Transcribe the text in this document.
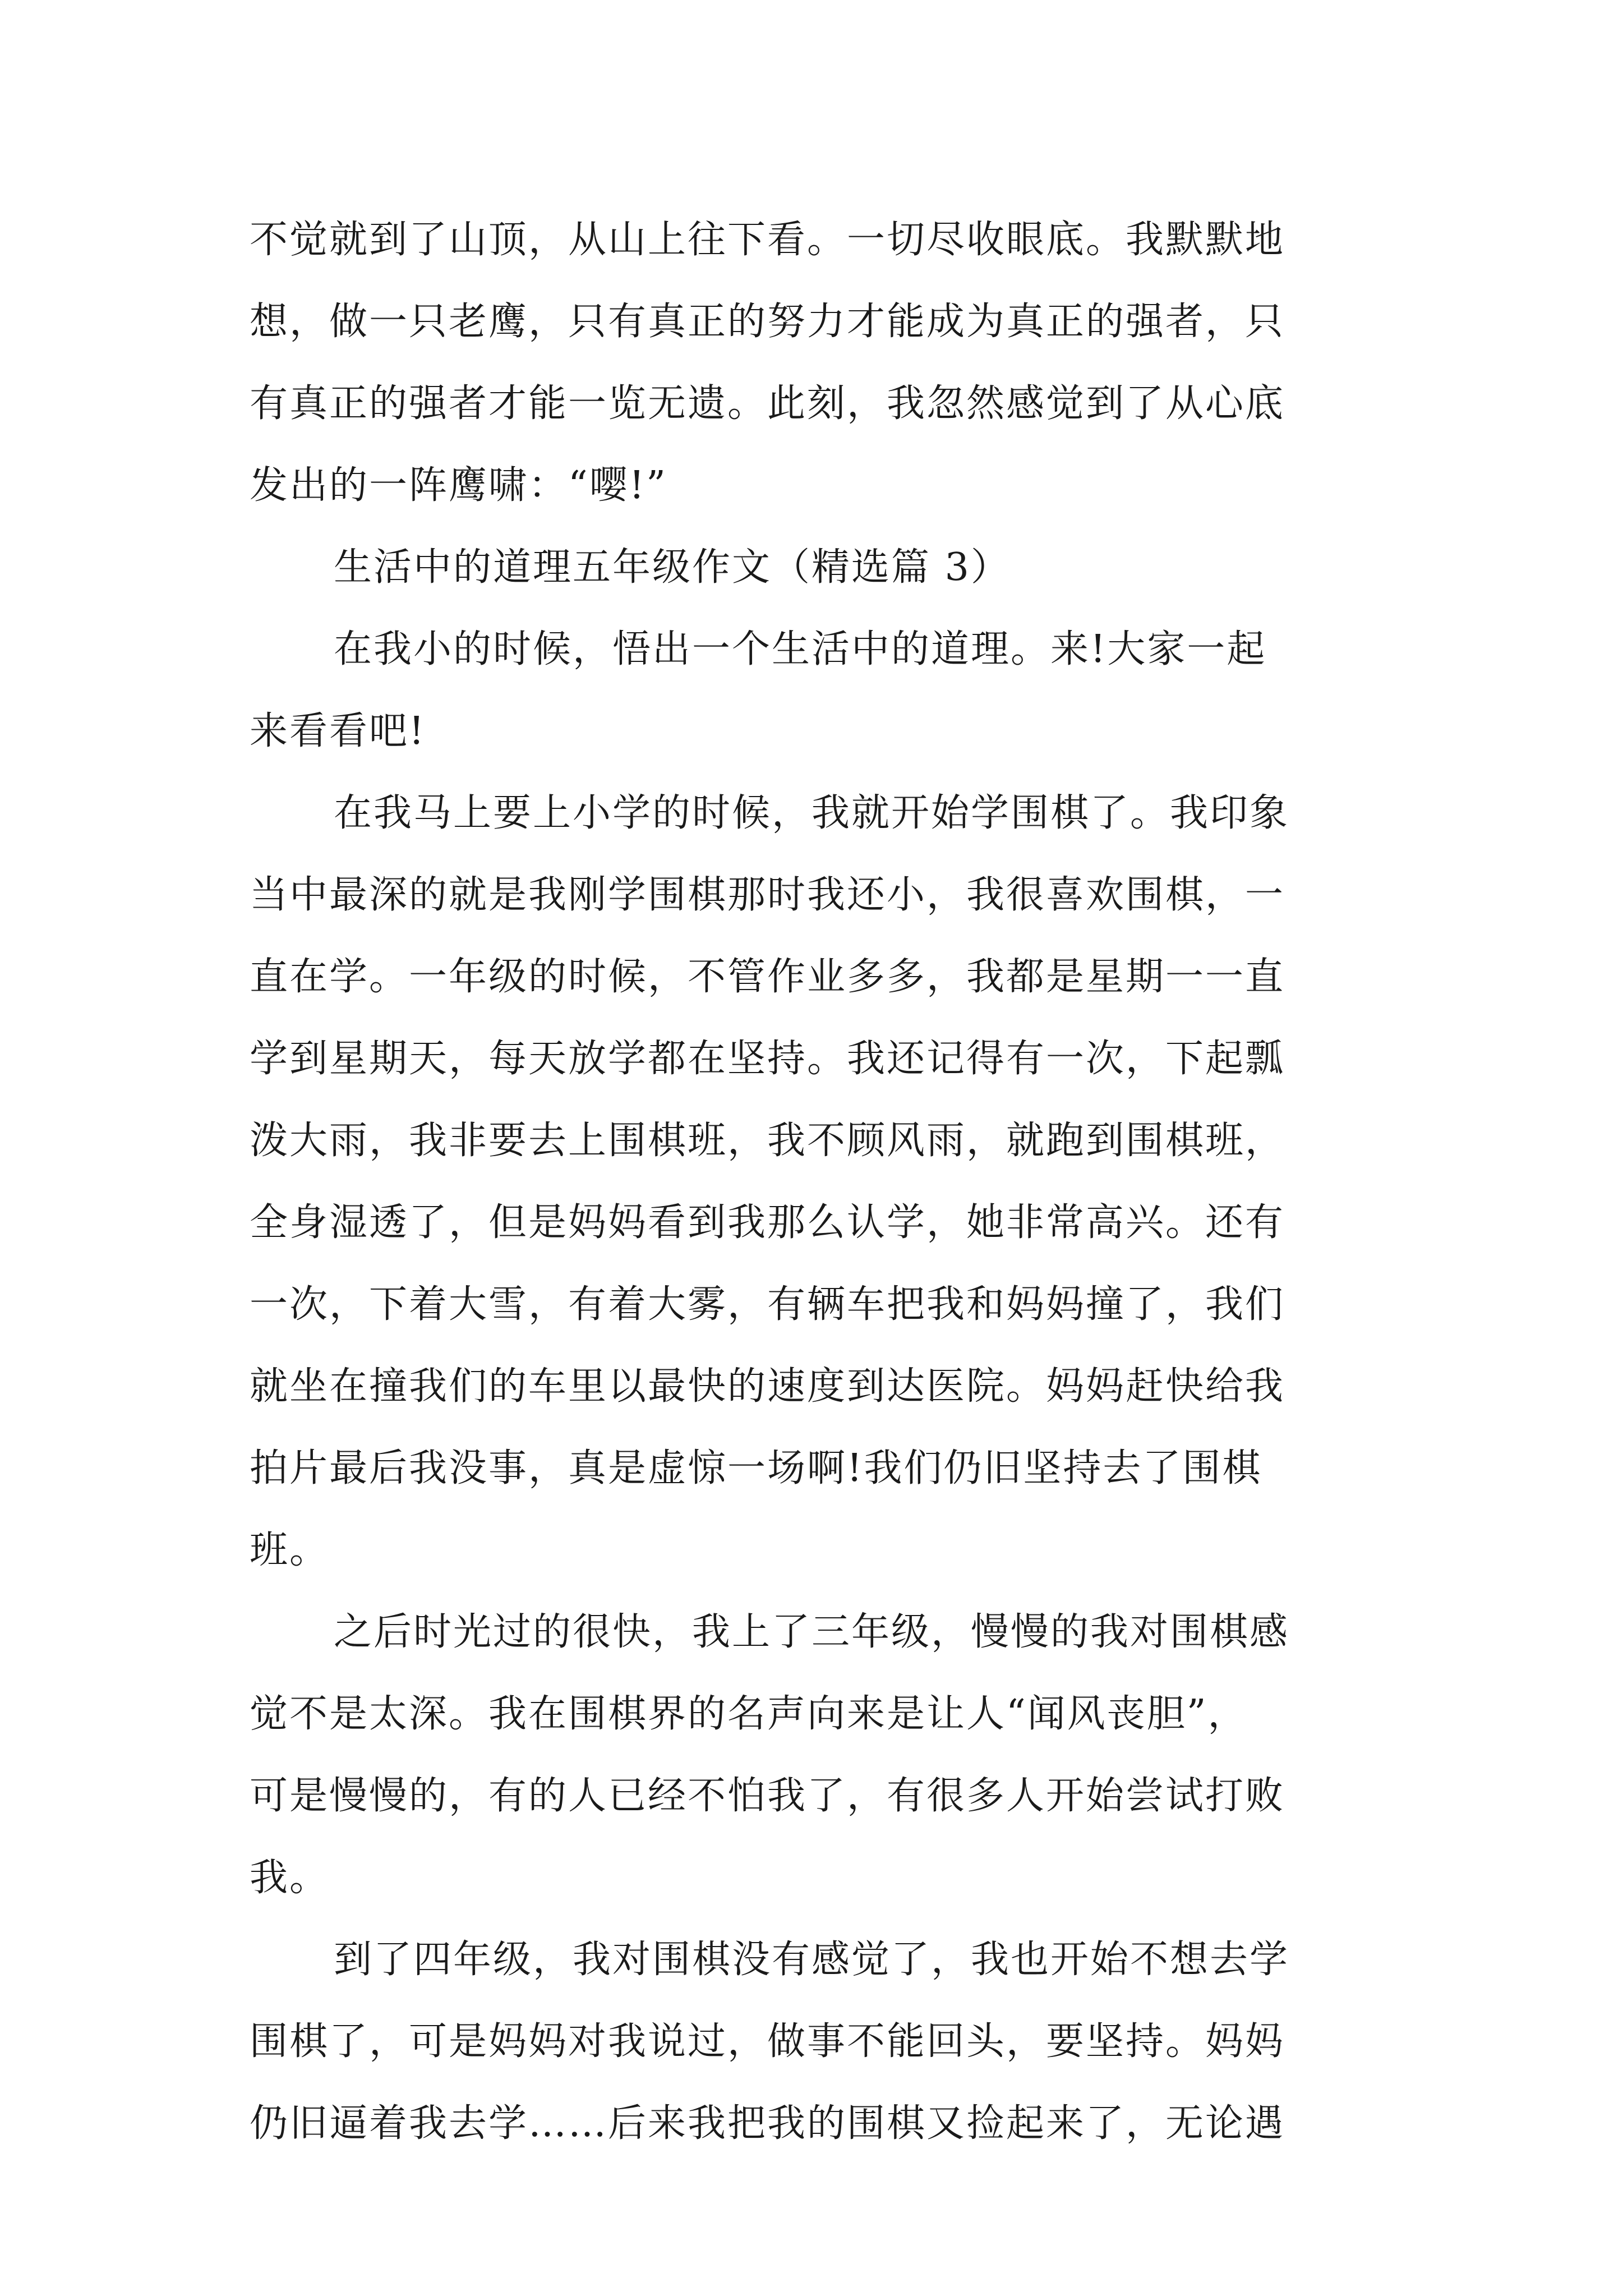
不觉就到了山顶，从山上往下看。一切尽收眼底。我默默地
想，做一只老鹰，只有真正的努力才能成为真正的强者，只
有真正的强者才能一览无遗。此刻，我忽然感觉到了从心底
发出的一阵鹰啸：“嘤!”

生活中的道理五年级作文（精选篇 3）

在我小的时候，悟出一个生活中的道理。来!大家一起
来看看吧!

在我马上要上小学的时候，我就开始学围棋了。我印象
当中最深的就是我刚学围棋那时我还小，我很喜欢围棋，一
直在学。一年级的时候，不管作业多多，我都是星期一一直
学到星期天，每天放学都在坚持。我还记得有一次，下起瓢
泼大雨，我非要去上围棋班，我不顾风雨，就跑到围棋班，
全身湿透了，但是妈妈看到我那么认学，她非常高兴。还有
一次，下着大雪，有着大雾，有辆车把我和妈妈撞了，我们
就坐在撞我们的车里以最快的速度到达医院。妈妈赶快给我
拍片最后我没事，真是虚惊一场啊!我们仍旧坚持去了围棋
班。

之后时光过的很快，我上了三年级，慢慢的我对围棋感
觉不是太深。我在围棋界的名声向来是让人“闻风丧胆”，
可是慢慢的，有的人已经不怕我了，有很多人开始尝试打败
我。

到了四年级，我对围棋没有感觉了，我也开始不想去学
围棋了，可是妈妈对我说过，做事不能回头，要坚持。妈妈
仍旧逼着我去学……后来我把我的围棋又捡起来了，无论遇
